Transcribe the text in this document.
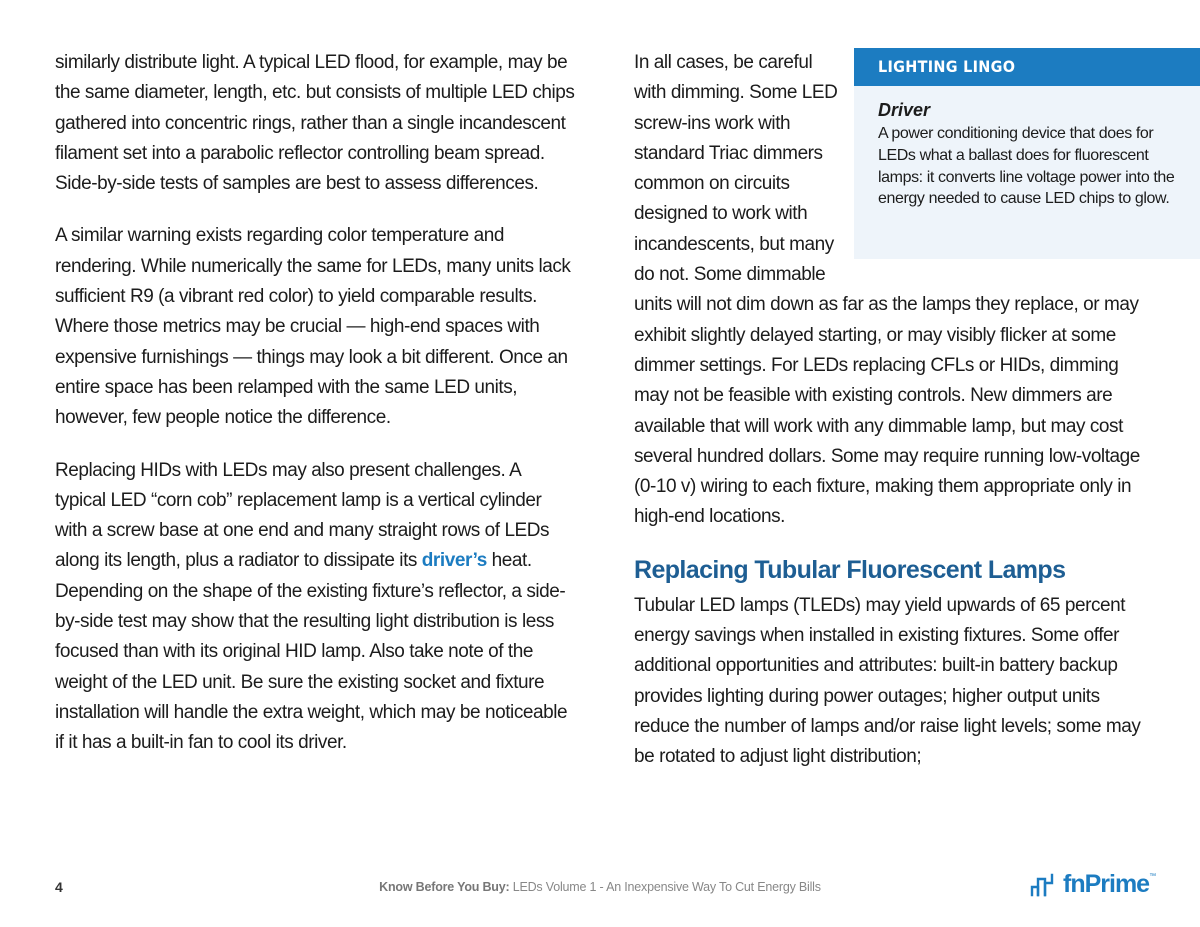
similarly distribute light. A typical LED flood, for example, may be the same diameter, length, etc. but consists of multiple LED chips gathered into concentric rings, rather than a single incandescent filament set into a parabolic reflector controlling beam spread. Side-by-side tests of samples are best to assess differences.

A similar warning exists regarding color temperature and rendering. While numerically the same for LEDs, many units lack sufficient R9 (a vibrant red color) to yield comparable results. Where those metrics may be crucial — high-end spaces with expensive furnishings — things may look a bit different. Once an entire space has been relamped with the same LED units, however, few people notice the difference.

Replacing HIDs with LEDs may also present challenges. A typical LED “corn cob” replacement lamp is a vertical cylinder with a screw base at one end and many straight rows of LEDs along its length, plus a radiator to dissipate its driver’s heat. Depending on the shape of the existing fixture’s reflector, a side-by-side test may show that the resulting light distribution is less focused than with its original HID lamp. Also take note of the weight of the LED unit. Be sure the existing socket and fixture installation will handle the extra weight, which may be noticeable if it has a built-in fan to cool its driver.

LIGHTING LINGO
Driver

A power conditioning device that does for LEDs what a ballast does for fluorescent lamps: it converts line voltage power into the energy needed to cause LED chips to glow.

In all cases, be careful with dimming. Some LED screw-ins work with standard Triac dimmers common on circuits designed to work with incandescents, but many do not. Some dimmable units will not dim down as far as the lamps they replace, or may exhibit slightly delayed starting, or may visibly flicker at some dimmer settings. For LEDs replacing CFLs or HIDs, dimming may not be feasible with existing controls. New dimmers are available that will work with any dimmable lamp, but may cost several hundred dollars. Some may require running low-voltage (0-10 v) wiring to each fixture, making them appropriate only in high-end locations.

Replacing Tubular Fluorescent Lamps

Tubular LED lamps (TLEDs) may yield upwards of 65 percent energy savings when installed in existing fixtures. Some offer additional opportunities and attributes: built-in battery backup provides lighting during power outages; higher output units reduce the number of lamps and/or raise light levels; some may be rotated to adjust light distribution;

4	Know Before You Buy: LEDs Volume 1 - An Inexpensive Way To Cut Energy Bills	fnPrime ™
